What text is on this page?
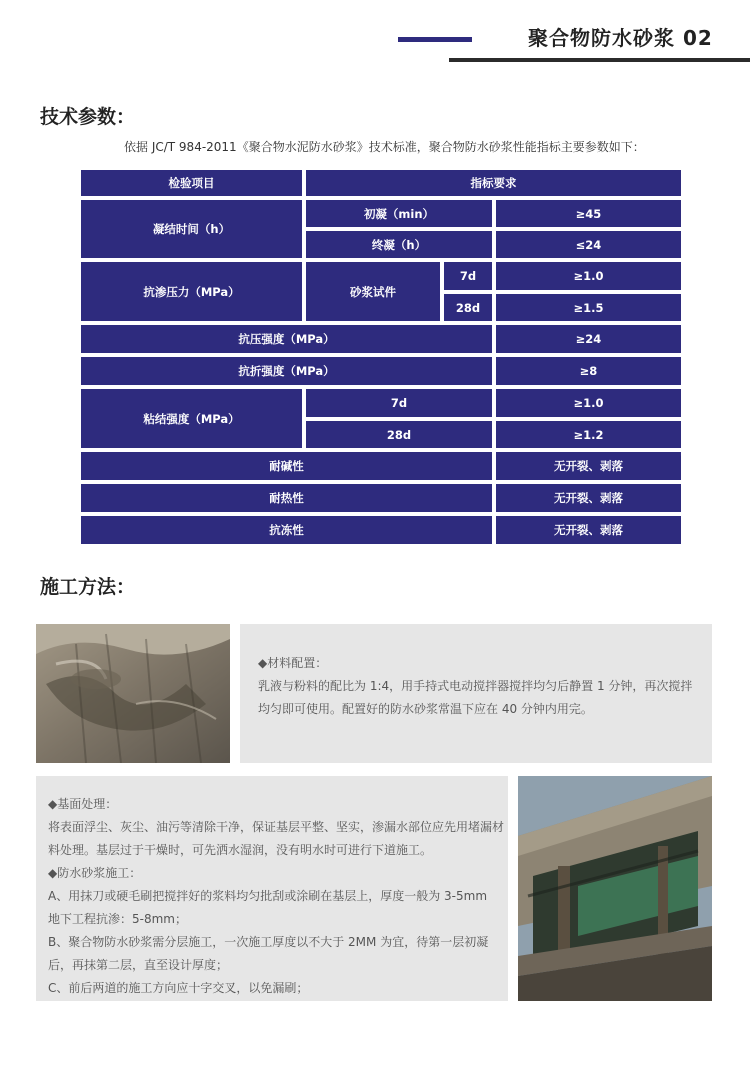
聚合物防水砂浆 02
技术参数：
依据 JC/T 984-2011《聚合物水泥防水砂浆》技术标准，聚合物防水砂浆性能指标主要参数如下：
检验项目	指标要求
凝结时间（h）
初凝（min）	≥45
终凝（h）	≤24
抗渗压力（MPa）	砂浆试件
7d	≥1.0
28d	≥1.5
抗压强度（MPa）	≥24
抗折强度（MPa）	≥8
粘结强度（MPa）
7d	≥1.0
28d	≥1.2
耐碱性	无开裂、剥落
耐热性	无开裂、剥落
抗冻性	无开裂、剥落
施工方法：

◆材料配置：

乳液与粉料的配比为 1:4，用手持式电动搅拌器搅拌均匀后静置 1 分钟，再次搅拌

均匀即可使用。配置好的防水砂浆常温下应在 40 分钟内用完。

◆基面处理：

将表面浮尘、灰尘、油污等清除干净，保证基层平整、坚实，渗漏水部位应先用堵漏材

料处理。基层过于干燥时，可先洒水湿润，没有明水时可进行下道施工。

◆防水砂浆施工：

A、用抹刀或硬毛刷把搅拌好的浆料均匀批刮或涂刷在基层上，厚度一般为 3-5mm

地下工程抗渗：5-8mm；

B、聚合物防水砂浆需分层施工，一次施工厚度以不大于 2MM 为宜，待第一层初凝

后，再抹第二层，直至设计厚度；

C、前后两道的施工方向应十字交叉，以免漏刷；
